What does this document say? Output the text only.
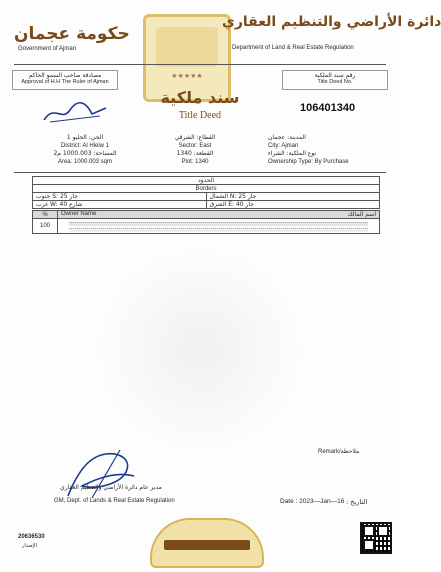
★★★★★
حكومة عجمان
Government of Ajman
دائرة الأراضي والتنظيم العقاري
Department of Land & Real Estate Regulation
مصادقة صاحب السمو الحاكم
Approval of H.H The Ruler of Ajman
رقم سند الملكية
Title Deed No.
106401340
سند ملكية
Title Deed
الحي: الحليو 1
District: Al Hleiw 1
المساحة: 1000.003 م2
Area: 1000.003 sqm
القطاع: الشرقي
Sector: East
القطعة: 1340
Plot: 1340
المدينة: عجمان
City: Ajman
نوع الملكية: الشراء
Ownership Type: By Purchase
الحدود	
Borders	
جنوب S: جار 25	الشمال N: جار 25
غرب W: شارع 40	الشرق E: جار 40
%	Owner Name اسم المالك

100	
Remark/ملاحظة
مدير عام دائرة الأراضي والتنظيم العقاري
GM, Dept. of Lands & Real Estate Regulation	Date : 2023—Jan—16 : التاريخ
20636530
الإصدار
